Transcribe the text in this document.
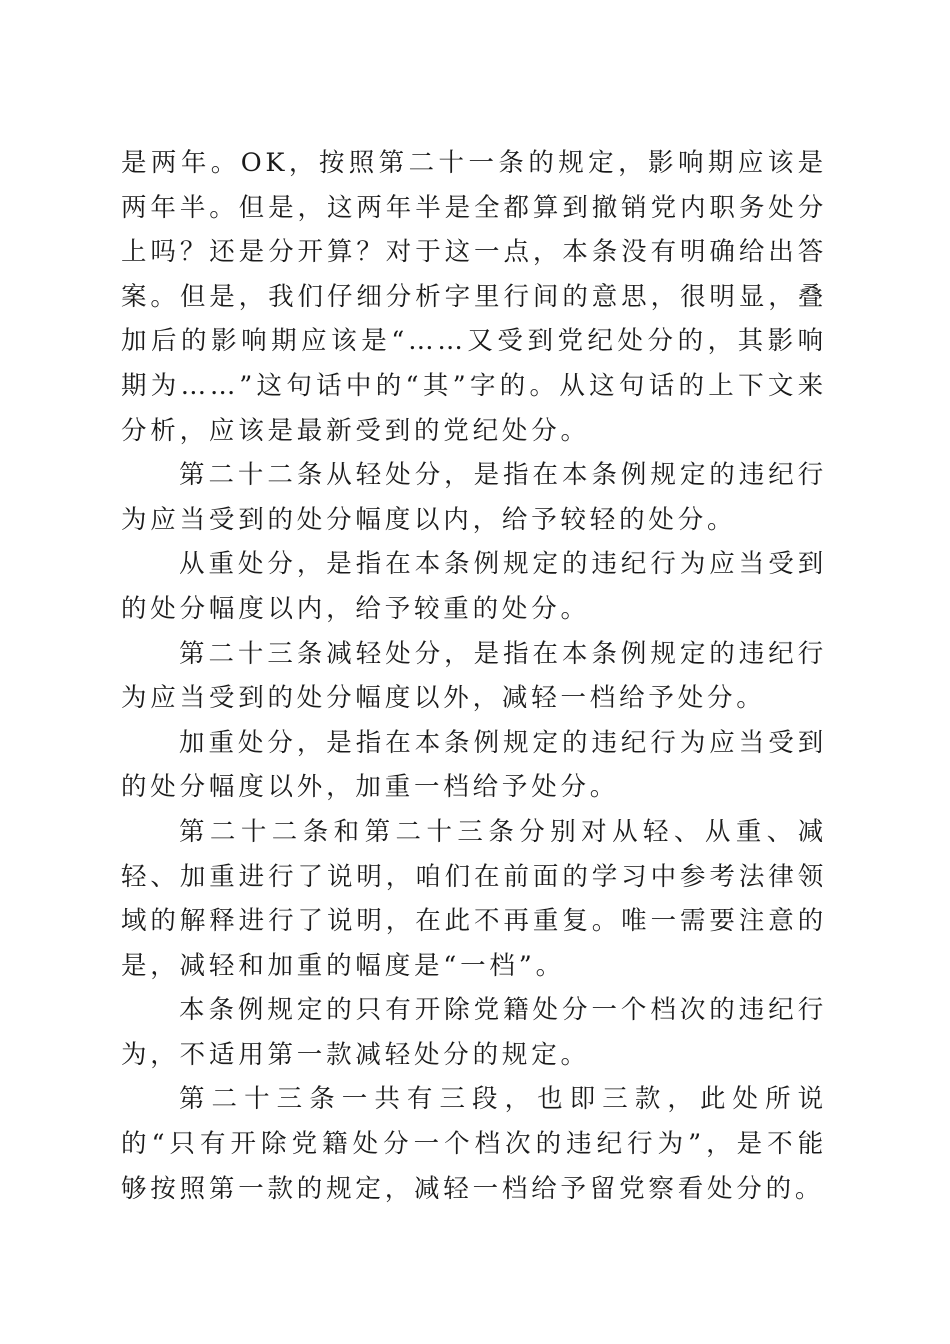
是两年。OK，按照第二十一条的规定，影响期应该是两年半。但是，这两年半是全都算到撤销党内职务处分上吗？还是分开算？对于这一点，本条没有明确给出答案。但是，我们仔细分析字里行间的意思，很明显，叠加后的影响期应该是“……又受到党纪处分的，其影响期为……”这句话中的“其”字的。从这句话的上下文来分析，应该是最新受到的党纪处分。

第二十二条从轻处分，是指在本条例规定的违纪行为应当受到的处分幅度以内，给予较轻的处分。

从重处分，是指在本条例规定的违纪行为应当受到的处分幅度以内，给予较重的处分。

第二十三条减轻处分，是指在本条例规定的违纪行为应当受到的处分幅度以外，减轻一档给予处分。

加重处分，是指在本条例规定的违纪行为应当受到的处分幅度以外，加重一档给予处分。

第二十二条和第二十三条分别对从轻、从重、减轻、加重进行了说明，咱们在前面的学习中参考法律领域的解释进行了说明，在此不再重复。唯一需要注意的是，减轻和加重的幅度是“一档”。

本条例规定的只有开除党籍处分一个档次的违纪行为，不适用第一款减轻处分的规定。

第二十三条一共有三段，也即三款，此处所说的“只有开除党籍处分一个档次的违纪行为”，是不能够按照第一款的规定，减轻一档给予留党察看处分的。
